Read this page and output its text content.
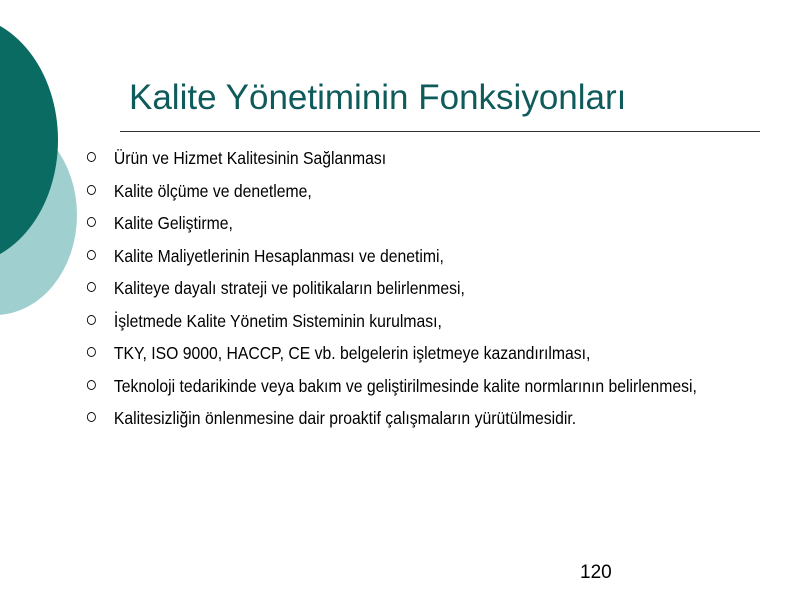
Kalite Yönetiminin Fonksiyonları
Ürün ve Hizmet Kalitesinin Sağlanması
Kalite ölçüme ve denetleme,
Kalite Geliştirme,
Kalite Maliyetlerinin Hesaplanması ve denetimi,
Kaliteye dayalı strateji ve politikaların belirlenmesi,
İşletmede Kalite Yönetim Sisteminin kurulması,
TKY, ISO 9000, HACCP, CE vb. belgelerin işletmeye kazandırılması,
Teknoloji tedarikinde veya bakım ve geliştirilmesinde kalite normlarının belirlenmesi,
Kalitesizliğin önlenmesine dair proaktif çalışmaların yürütülmesidir.
120
